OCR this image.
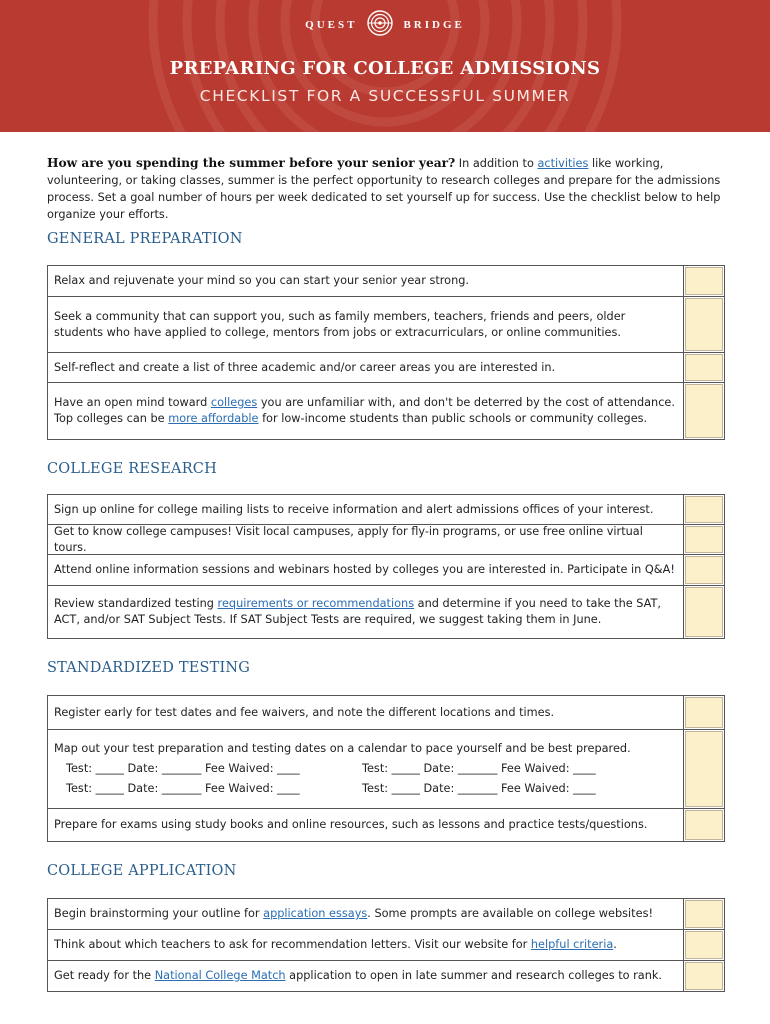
QUEST	BRIDGE
PREPARING FOR COLLEGE ADMISSIONS
CHECKLIST FOR A SUCCESSFUL SUMMER
How are you spending the summer before your senior year? In addition to activities like working, volunteering, or taking classes, summer is the perfect opportunity to research colleges and prepare for the admissions process. Set a goal number of hours per week dedicated to set yourself up for success. Use the checklist below to help organize your efforts.
GENERAL PREPARATION
Relax and rejuvenate your mind so you can start your senior year strong.
Seek a community that can support you, such as family members, teachers, friends and peers, older students who have applied to college, mentors from jobs or extracurriculars, or online communities.
Self-reflect and create a list of three academic and/or career areas you are interested in.
Have an open mind toward colleges you are unfamiliar with, and don't be deterred by the cost of attendance. Top colleges can be more affordable for low-income students than public schools or community colleges.
COLLEGE RESEARCH
Sign up online for college mailing lists to receive information and alert admissions offices of your interest.
Get to know college campuses! Visit local campuses, apply for fly-in programs, or use free online virtual tours.
Attend online information sessions and webinars hosted by colleges you are interested in. Participate in Q&A!
Review standardized testing requirements or recommendations and determine if you need to take the SAT, ACT, and/or SAT Subject Tests. If SAT Subject Tests are required, we suggest taking them in June.
STANDARDIZED TESTING
Register early for test dates and fee waivers, and note the different locations and times.
Map out your test preparation and testing dates on a calendar to pace yourself and be best prepared.
Test: _____ Date: _______ Fee Waived: ____	Test: _____ Date: _______ Fee Waived: ____
Test: _____ Date: _______ Fee Waived: ____	Test: _____ Date: _______ Fee Waived: ____
Prepare for exams using study books and online resources, such as lessons and practice tests/questions.
COLLEGE APPLICATION
Begin brainstorming your outline for application essays. Some prompts are available on college websites!
Think about which teachers to ask for recommendation letters. Visit our website for helpful criteria.
Get ready for the National College Match application to open in late summer and research colleges to rank.
